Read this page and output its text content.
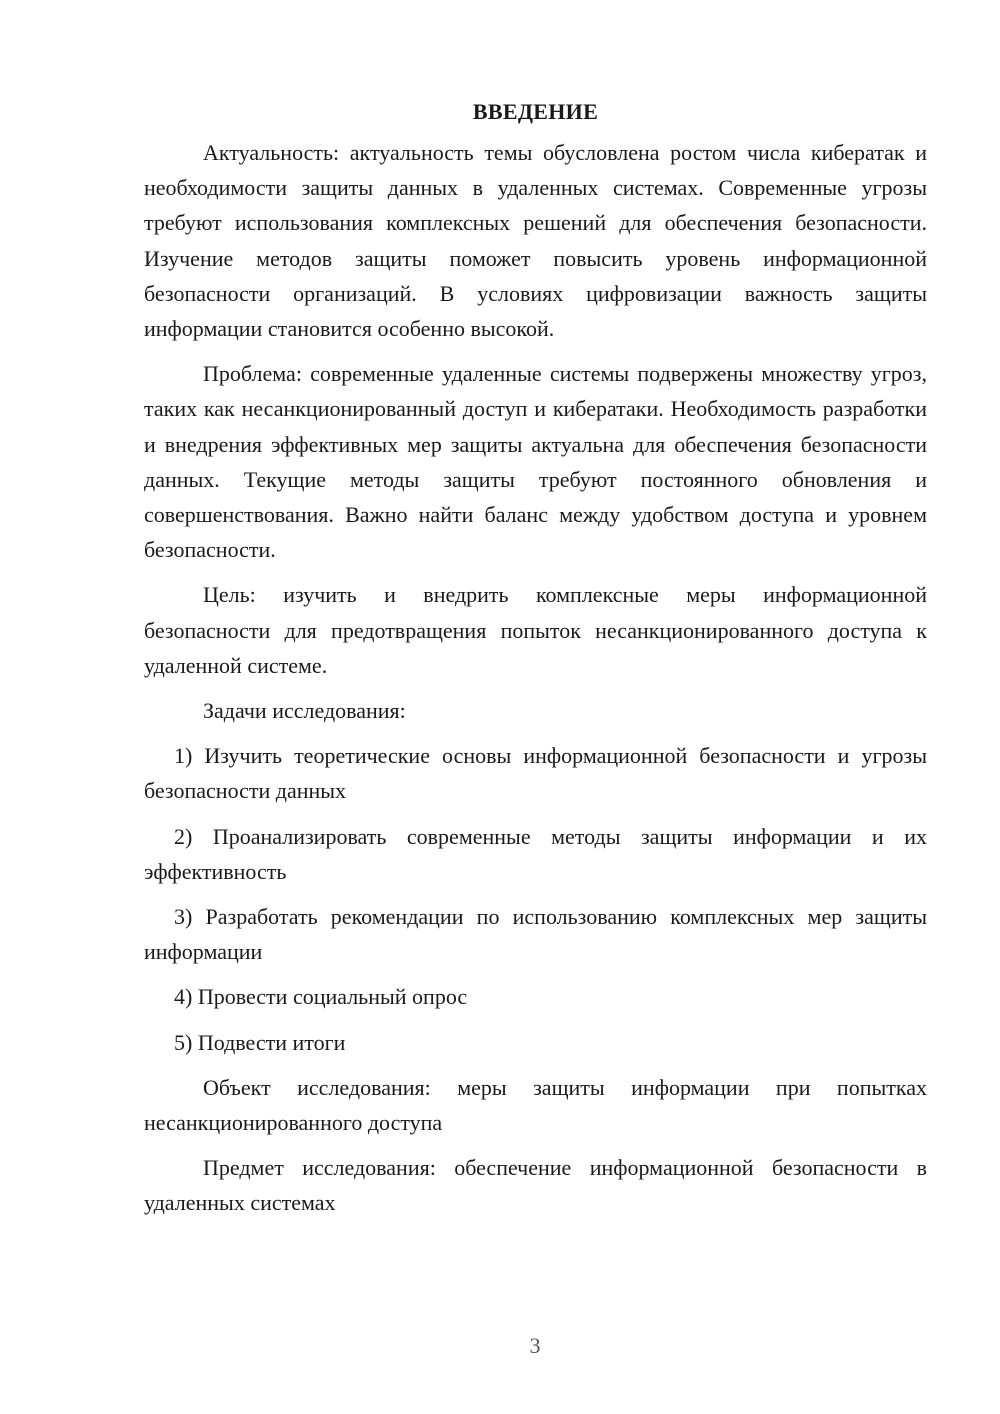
ВВЕДЕНИЕ

Актуальность: актуальность темы обусловлена ростом числа кибератак и необходимости защиты данных в удаленных системах. Современные угрозы требуют использования комплексных решений для обеспечения безопасности. Изучение методов защиты поможет повысить уровень информационной безопасности организаций. В условиях цифровизации важность защиты информации становится особенно высокой.

Проблема: современные удаленные системы подвержены множеству угроз, таких как несанкционированный доступ и кибератаки. Необходимость разработки и внедрения эффективных мер защиты актуальна для обеспечения безопасности данных. Текущие методы защиты требуют постоянного обновления и совершенствования. Важно найти баланс между удобством доступа и уровнем безопасности.

Цель: изучить и внедрить комплексные меры информационной безопасности для предотвращения попыток несанкционированного доступа к удаленной системе.

Задачи исследования:

1) Изучить теоретические основы информационной безопасности и угрозы безопасности данных

2) Проанализировать современные методы защиты информации и их эффективность

3) Разработать рекомендации по использованию комплексных мер защиты информации

4) Провести социальный опрос

5) Подвести итоги

Объект исследования: меры защиты информации при попытках несанкционированного доступа

Предмет исследования: обеспечение информационной безопасности в удаленных системах

3
